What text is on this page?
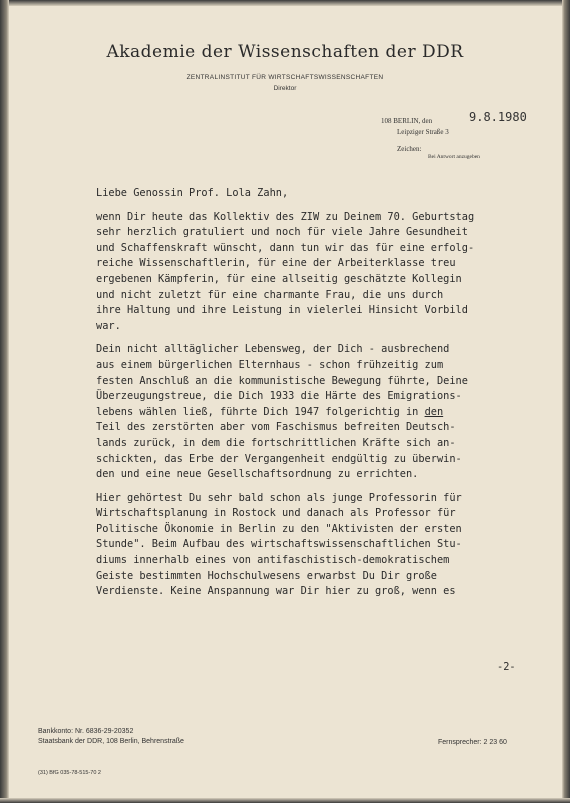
Akademie der Wissenschaften der DDR
ZENTRALINSTITUT FÜR WIRTSCHAFTSWISSENSCHAFTEN
Direktor
108 BERLIN, den	9.8.1980
Leipziger Straße 3
Zeichen:
Bei Antwort anzugeben
Liebe Genossin Prof. Lola Zahn,
wenn Dir heute das Kollektiv des ZIW zu Deinem 70. Geburtstag
sehr herzlich gratuliert und noch für viele Jahre Gesundheit
und Schaffenskraft wünscht, dann tun wir das für eine erfolg-
reiche Wissenschaftlerin, für eine der Arbeiterklasse treu
ergebenen Kämpferin, für eine allseitig geschätzte Kollegin
und nicht zuletzt für eine charmante Frau, die uns durch
ihre Haltung und ihre Leistung in vielerlei Hinsicht Vorbild
war.
Dein nicht alltäglicher Lebensweg, der Dich - ausbrechend
aus einem bürgerlichen Elternhaus - schon frühzeitig zum
festen Anschluß an die kommunistische Bewegung führte, Deine
Überzeugungstreue, die Dich 1933 die Härte des Emigrations-
lebens wählen ließ, führte Dich 1947 folgerichtig in den
Teil des zerstörten aber vom Faschismus befreiten Deutsch-
lands zurück, in dem die fortschrittlichen Kräfte sich an-
schickten, das Erbe der Vergangenheit endgültig zu überwin-
den und eine neue Gesellschaftsordnung zu errichten.
Hier gehörtest Du sehr bald schon als junge Professorin für
Wirtschaftsplanung in Rostock und danach als Professor für
Politische Ökonomie in Berlin zu den "Aktivisten der ersten
Stunde". Beim Aufbau des wirtschaftswissenschaftlichen Stu-
diums innerhalb eines von antifaschistisch-demokratischem
Geiste bestimmten Hochschulwesens erwarbst Du Dir große
Verdienste. Keine Anspannung war Dir hier zu groß, wenn es
-2-
Bankkonto: Nr. 6836-29-20352
Staatsbank der DDR, 108 Berlin, Behrenstraße	Fernsprecher: 2 23 60
(31) BfG 035-78-515-70 2
